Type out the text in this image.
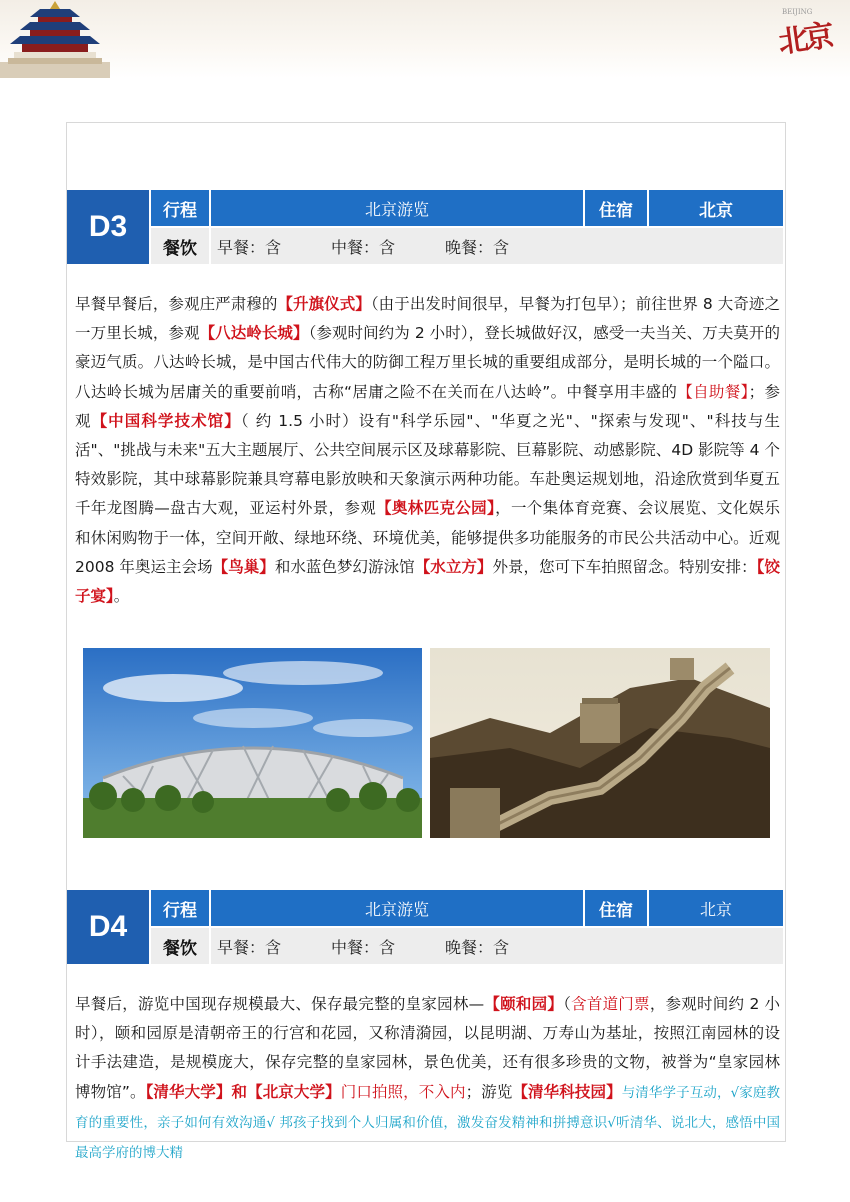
BEIJING
北京
D3	行程	北京游览	住宿	北京
餐饮	早餐：含	中餐：含	晚餐：含
早餐早餐后，参观庄严肃穆的【升旗仪式】（由于出发时间很早，早餐为打包早）；前往世界 8 大奇迹之一万里长城，参观【八达岭长城】（参观时间约为 2 小时），登长城做好汉，感受一夫当关、万夫莫开的豪迈气质。八达岭长城，是中国古代伟大的防御工程万里长城的重要组成部分，是明长城的一个隘口。八达岭长城为居庸关的重要前哨，古称“居庸之险不在关而在八达岭”。中餐享用丰盛的【自助餐】；参观【中国科学技术馆】（ 约 1.5 小时）设有"科学乐园"、"华夏之光"、"探索与发现"、"科技与生活"、"挑战与未来"五大主题展厅、公共空间展示区及球幕影院、巨幕影院、动感影院、4D 影院等 4 个特效影院，其中球幕影院兼具穹幕电影放映和天象演示两种功能。车赴奥运规划地，沿途欣赏到华夏五千年龙图腾—盘古大观，亚运村外景，参观【奥林匹克公园】，一个集体育竞赛、会议展览、文化娱乐和休闲购物于一体，空间开敞、绿地环绕、环境优美，能够提供多功能服务的市民公共活动中心。近观 2008 年奥运主会场【鸟巢】和水蓝色梦幻游泳馆【水立方】外景，您可下车拍照留念。特别安排：【饺子宴】。
D4	行程	北京游览	住宿	北京
餐饮	早餐：含	中餐：含	晚餐：含
早餐后，游览中国现存规模最大、保存最完整的皇家园林—【颐和园】（含首道门票，参观时间约 2 小时），颐和园原是清朝帝王的行宫和花园，又称清漪园，以昆明湖、万寿山为基址，按照江南园林的设计手法建造，是规模庞大，保存完整的皇家园林，景色优美，还有很多珍贵的文物，被誉为“皇家园林博物馆”。【清华大学】和【北京大学】门口拍照，不入内；游览【清华科技园】与清华学子互动，√家庭教育的重要性，亲子如何有效沟通√ 邦孩子找到个人归属和价值，激发奋发精神和拼搏意识√听清华、说北大，感悟中国最高学府的博大精
